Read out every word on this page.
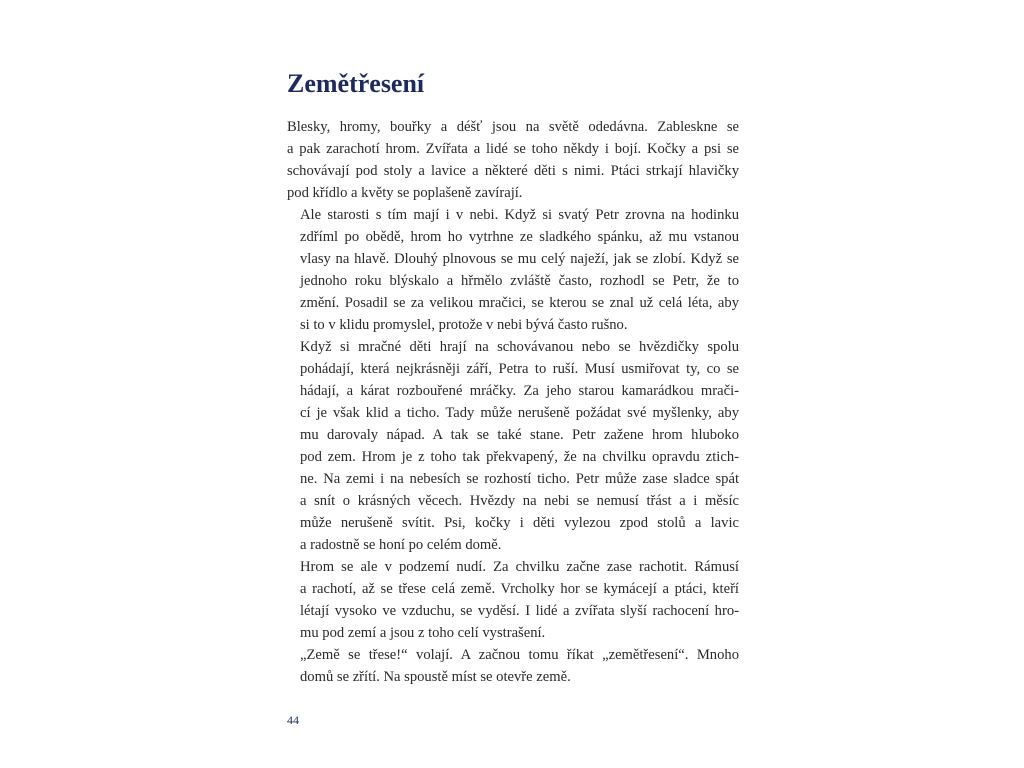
Zemětřesení

Blesky, hromy, bouřky a déšť jsou na světě odedávna. Zableskne se
a pak zarachotí hrom. Zvířata a lidé se toho někdy i bojí. Kočky a psi se
schovávají pod stoly a lavice a některé děti s nimi. Ptáci strkají hlavičky
pod křídlo a květy se poplašeně zavírají.

Ale starosti s tím mají i v nebi. Když si svatý Petr zrovna na hodinku
zdříml po obědě, hrom ho vytrhne ze sladkého spánku, až mu vstanou
vlasy na hlavě. Dlouhý plnovous se mu celý naježí, jak se zlobí. Když se
jednoho roku blýskalo a hřmělo zvláště často, rozhodl se Petr, že to
změní. Posadil se za velikou mračici, se kterou se znal už celá léta, aby
si to v klidu promyslel, protože v nebi bývá často rušno.

Když si mračné děti hrají na schovávanou nebo se hvězdičky spolu
pohádají, která nejkrásněji září, Petra to ruší. Musí usmiřovat ty, co se
hádají, a kárat rozbouřené mráčky. Za jeho starou kamarádkou mrači-
cí je však klid a ticho. Tady může nerušeně požádat své myšlenky, aby
mu darovaly nápad. A tak se také stane. Petr zažene hrom hluboko
pod zem. Hrom je z toho tak překvapený, že na chvilku opravdu ztich-
ne. Na zemi i na nebesích se rozhostí ticho. Petr může zase sladce spát
a snít o krásných věcech. Hvězdy na nebi se nemusí třást a i měsíc
může nerušeně svítit. Psi, kočky i děti vylezou zpod stolů a lavic
a radostně se honí po celém domě.

Hrom se ale v podzemí nudí. Za chvilku začne zase rachotit. Rámusí
a rachotí, až se třese celá země. Vrcholky hor se kymácejí a ptáci, kteří
létají vysoko ve vzduchu, se vyděsí. I lidé a zvířata slyší rachocení hro-
mu pod zemí a jsou z toho celí vystrašení.

„Země se třese!“ volají. A začnou tomu říkat „zemětřesení“. Mnoho
domů se zřítí. Na spoustě míst se otevře země.

44
